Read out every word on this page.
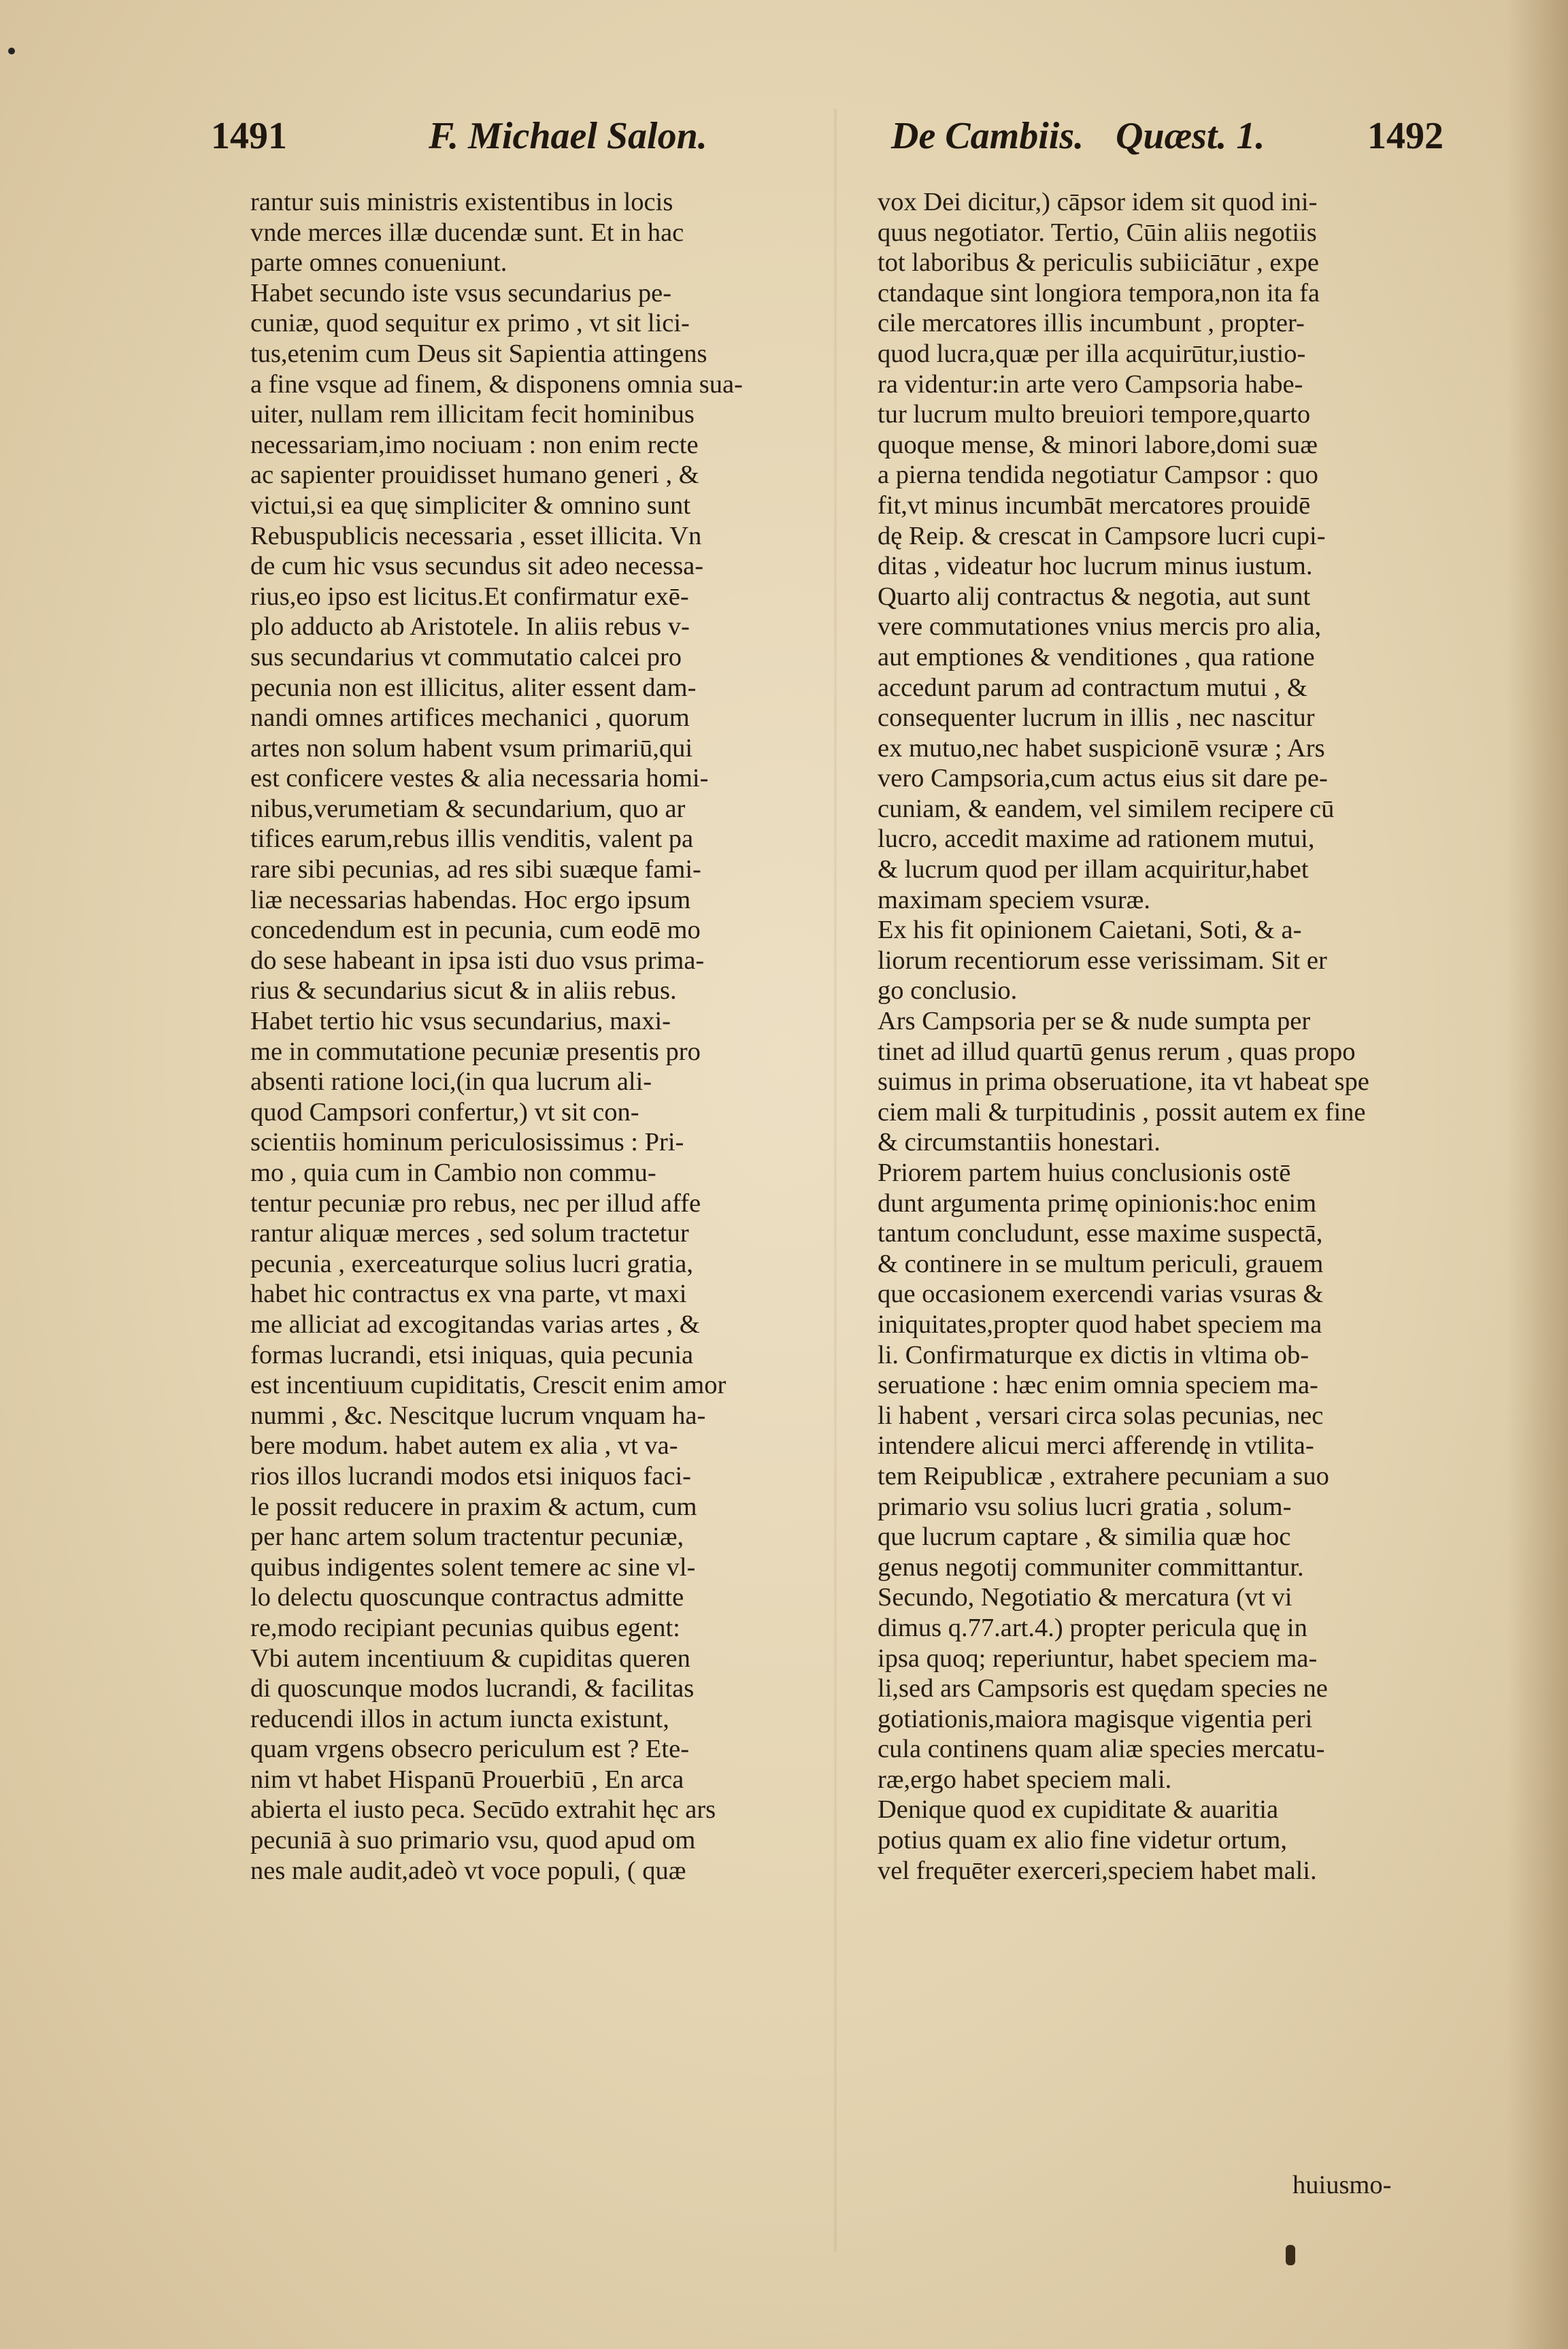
1491	F. Michael Salon.	De Cambiis. Quæst. 1.	1492
rantur suis ministris existentibus in locis
vnde merces illæ ducendæ sunt. Et in hac
parte omnes conueniunt.
Habet secundo iste vsus secundarius pe-
cuniæ, quod sequitur ex primo , vt sit lici-
tus,etenim cum Deus sit Sapientia attingens
a fine vsque ad finem, & disponens omnia sua-
uiter, nullam rem illicitam fecit hominibus
necessariam,imo nociuam : non enim recte
ac sapienter prouidisset humano generi , &
victui,si ea quę simpliciter & omnino sunt
Rebuspublicis necessaria , esset illicita. Vn
de cum hic vsus secundus sit adeo necessa-
rius,eo ipso est licitus.Et confirmatur exē-
plo adducto ab Aristotele. In aliis rebus v-
sus secundarius vt commutatio calcei pro
pecunia non est illicitus, aliter essent dam-
nandi omnes artifices mechanici , quorum
artes non solum habent vsum primariū,qui
est conficere vestes & alia necessaria homi-
nibus,verumetiam & secundarium, quo ar
tifices earum,rebus illis venditis, valent pa
rare sibi pecunias, ad res sibi suæque fami-
liæ necessarias habendas. Hoc ergo ipsum
concedendum est in pecunia, cum eodē mo
do sese habeant in ipsa isti duo vsus prima-
rius & secundarius sicut & in aliis rebus.
Habet tertio hic vsus secundarius, maxi-
me in commutatione pecuniæ presentis pro
absenti ratione loci,(in qua lucrum ali-
quod Campsori confertur,) vt sit con-
scientiis hominum periculosissimus : Pri-
mo , quia cum in Cambio non commu-
tentur pecuniæ pro rebus, nec per illud affe
rantur aliquæ merces , sed solum tractetur
pecunia , exerceaturque solius lucri gratia,
habet hic contractus ex vna parte, vt maxi
me alliciat ad excogitandas varias artes , &
formas lucrandi, etsi iniquas, quia pecunia
est incentiuum cupiditatis, Crescit enim amor
nummi , &c. Nescitque lucrum vnquam ha-
bere modum. habet autem ex alia , vt va-
rios illos lucrandi modos etsi iniquos faci-
le possit reducere in praxim & actum, cum
per hanc artem solum tractentur pecuniæ,
quibus indigentes solent temere ac sine vl-
lo delectu quoscunque contractus admitte
re,modo recipiant pecunias quibus egent:
Vbi autem incentiuum & cupiditas queren
di quoscunque modos lucrandi, & facilitas
reducendi illos in actum iuncta existunt,
quam vrgens obsecro periculum est ? Ete-
nim vt habet Hispanū Prouerbiū , En arca
abierta el iusto peca. Secūdo extrahit hęc ars
pecuniā à suo primario vsu, quod apud om
nes male audit,adeò vt voce populi, ( quæ
vox Dei dicitur,) cāpsor idem sit quod ini-
quus negotiator. Tertio, Cūin aliis negotiis
tot laboribus & periculis subiiciātur , expe
ctandaque sint longiora tempora,non ita fa
cile mercatores illis incumbunt , propter-
quod lucra,quæ per illa acquirūtur,iustio-
ra videntur:in arte vero Campsoria habe-
tur lucrum multo breuiori tempore,quarto
quoque mense, & minori labore,domi suæ
a pierna tendida negotiatur Campsor : quo
fit,vt minus incumbāt mercatores prouidē
dę Reip. & crescat in Campsore lucri cupi-
ditas , videatur hoc lucrum minus iustum.
Quarto alij contractus & negotia, aut sunt
vere commutationes vnius mercis pro alia,
aut emptiones & venditiones , qua ratione
accedunt parum ad contractum mutui , &
consequenter lucrum in illis , nec nascitur
ex mutuo,nec habet suspicionē vsuræ ; Ars
vero Campsoria,cum actus eius sit dare pe-
cuniam, & eandem, vel similem recipere cū
lucro, accedit maxime ad rationem mutui,
& lucrum quod per illam acquiritur,habet
maximam speciem vsuræ.
Ex his fit opinionem Caietani, Soti, & a-
liorum recentiorum esse verissimam. Sit er
go conclusio.
Ars Campsoria per se & nude sumpta per
tinet ad illud quartū genus rerum , quas propo
suimus in prima obseruatione, ita vt habeat spe
ciem mali & turpitudinis , possit autem ex fine
& circumstantiis honestari.
Priorem partem huius conclusionis ostē
dunt argumenta primę opinionis:hoc enim
tantum concludunt, esse maxime suspectā,
& continere in se multum periculi, grauem
que occasionem exercendi varias vsuras &
iniquitates,propter quod habet speciem ma
li. Confirmaturque ex dictis in vltima ob-
seruatione : hæc enim omnia speciem ma-
li habent , versari circa solas pecunias, nec
intendere alicui merci afferendę in vtilita-
tem Reipublicæ , extrahere pecuniam a suo
primario vsu solius lucri gratia , solum-
que lucrum captare , & similia quæ hoc
genus negotij communiter committantur.
Secundo, Negotiatio & mercatura (vt vi
dimus q.77.art.4.) propter pericula quę in
ipsa quoq; reperiuntur, habet speciem ma-
li,sed ars Campsoris est quędam species ne
gotiationis,maiora magisque vigentia peri
cula continens quam aliæ species mercatu-
ræ,ergo habet speciem mali.
Denique quod ex cupiditate & auaritia
potius quam ex alio fine videtur ortum,
vel frequēter exerceri,speciem habet mali.
huiusmo-
